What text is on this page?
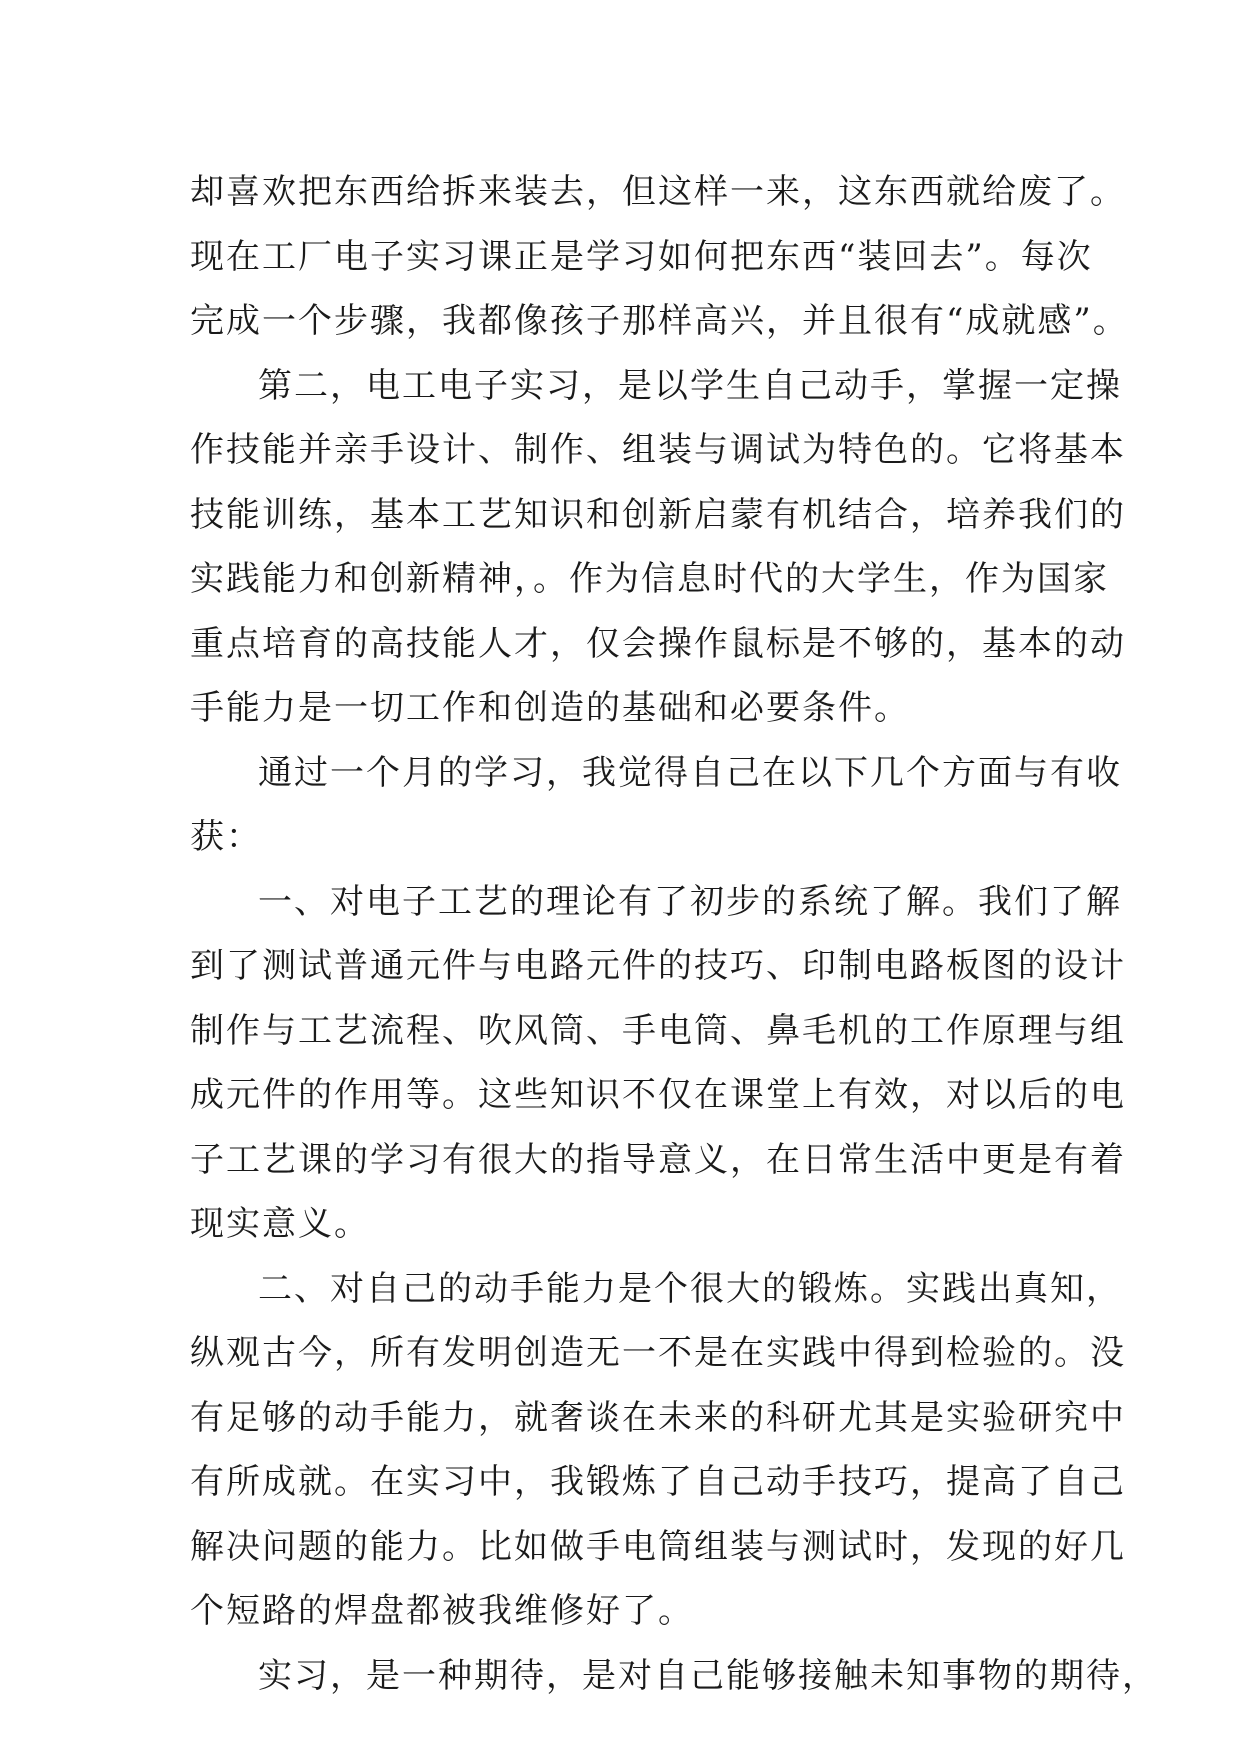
却喜欢把东西给拆来装去，但这样一来，这东西就给废了。
现在工厂电子实习课正是学习如何把东西“装回去”。每次
完成一个步骤，我都像孩子那样高兴，并且很有“成就感”。
第二，电工电子实习，是以学生自己动手，掌握一定操
作技能并亲手设计、制作、组装与调试为特色的。它将基本
技能训练，基本工艺知识和创新启蒙有机结合，培养我们的
实践能力和创新精神，。作为信息时代的大学生，作为国家
重点培育的高技能人才，仅会操作鼠标是不够的，基本的动
手能力是一切工作和创造的基础和必要条件。
通过一个月的学习，我觉得自己在以下几个方面与有收
获：
一、对电子工艺的理论有了初步的系统了解。我们了解
到了测试普通元件与电路元件的技巧、印制电路板图的设计
制作与工艺流程、吹风筒、手电筒、鼻毛机的工作原理与组
成元件的作用等。这些知识不仅在课堂上有效，对以后的电
子工艺课的学习有很大的指导意义，在日常生活中更是有着
现实意义。
二、对自己的动手能力是个很大的锻炼。实践出真知，
纵观古今，所有发明创造无一不是在实践中得到检验的。没
有足够的动手能力，就奢谈在未来的科研尤其是实验研究中
有所成就。在实习中，我锻炼了自己动手技巧，提高了自己
解决问题的能力。比如做手电筒组装与测试时，发现的好几
个短路的焊盘都被我维修好了。
实习，是一种期待，是对自己能够接触未知事物的期待，
